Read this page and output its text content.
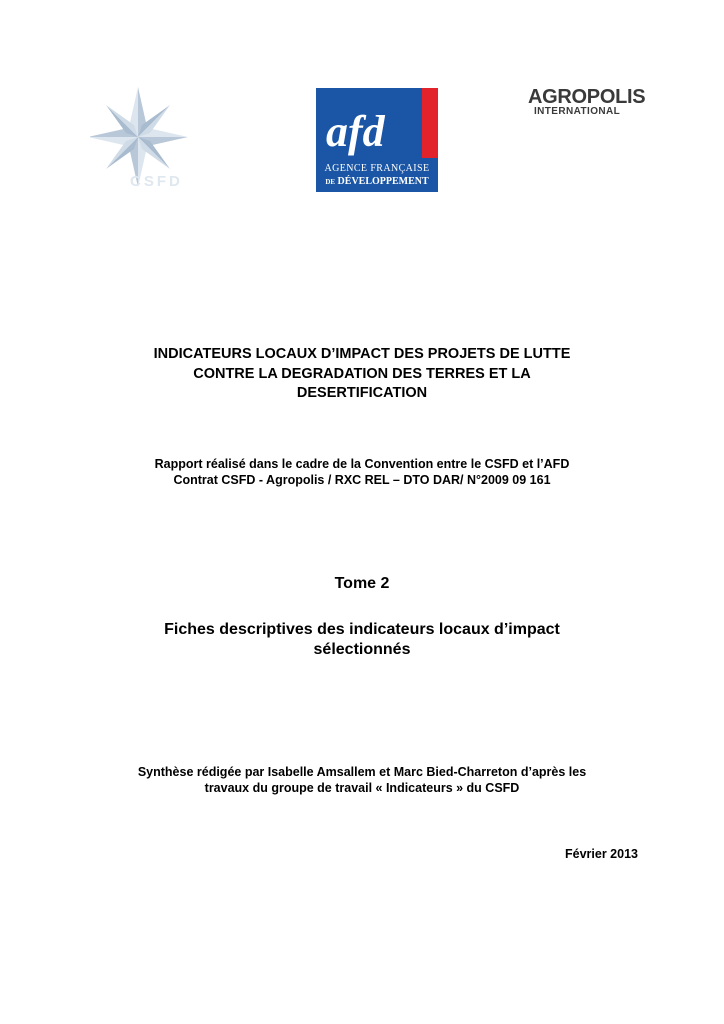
CSFD
afd
AGENCE FRANÇAISE
DE DÉVELOPPEMENT
AGROPOLIS
INTERNATIONAL
INDICATEURS LOCAUX D’IMPACT DES PROJETS DE LUTTE
CONTRE LA DEGRADATION DES TERRES ET LA
DESERTIFICATION
Rapport réalisé dans le cadre de la Convention entre le CSFD et l’AFD
Contrat CSFD - Agropolis / RXC REL – DTO DAR/ N°2009 09 161
Tome 2
Fiches descriptives des indicateurs locaux d’impact
sélectionnés
Synthèse rédigée par Isabelle Amsallem et Marc Bied-Charreton d’après les
travaux du groupe de travail « Indicateurs » du CSFD
Février 2013
